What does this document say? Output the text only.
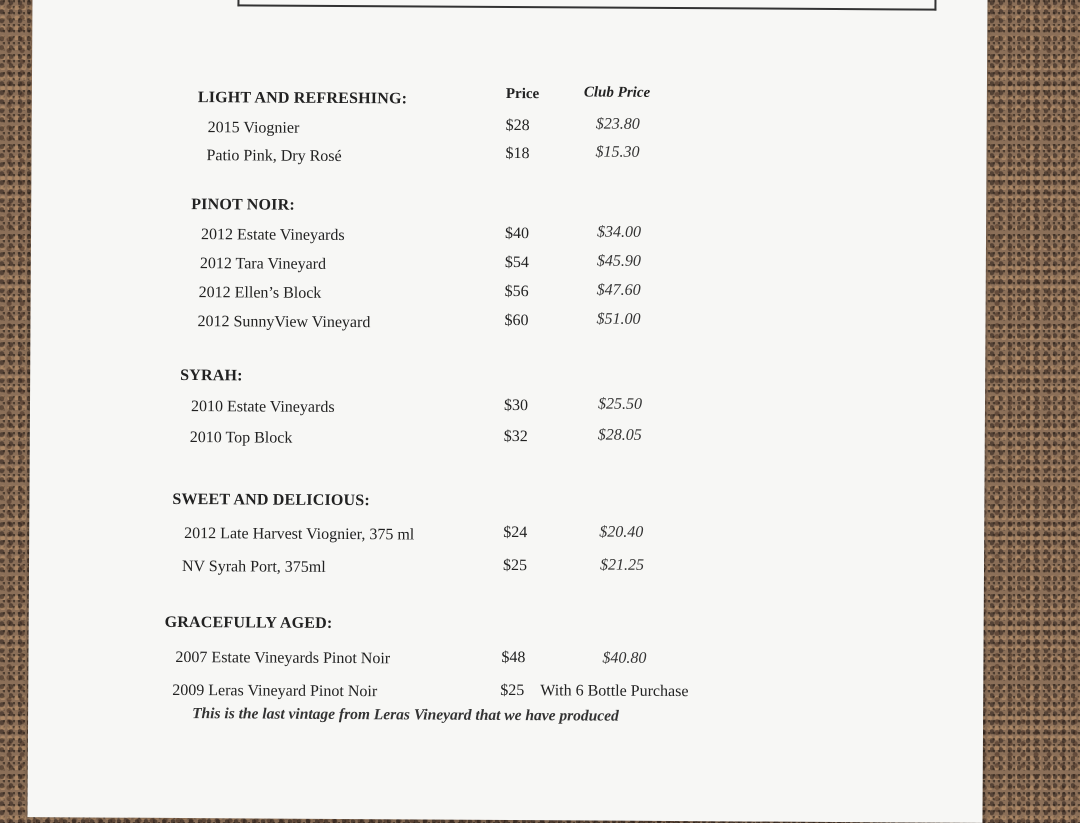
Price	Club Price
LIGHT AND REFRESHING:
2015 Viognier	$28	$23.80
Patio Pink, Dry Rosé	$18	$15.30
PINOT NOIR:
2012 Estate Vineyards	$40	$34.00
2012 Tara Vineyard	$54	$45.90
2012 Ellen’s Block	$56	$47.60
2012 SunnyView Vineyard	$60	$51.00
SYRAH:
2010 Estate Vineyards	$30	$25.50
2010 Top Block	$32	$28.05
SWEET AND DELICIOUS:
2012 Late Harvest Viognier, 375 ml	$24	$20.40
NV Syrah Port, 375ml	$25	$21.25
GRACEFULLY AGED:
2007 Estate Vineyards Pinot Noir	$48	$40.80
2009 Leras Vineyard Pinot Noir	$25 With 6 Bottle Purchase
This is the last vintage from Leras Vineyard that we have produced
